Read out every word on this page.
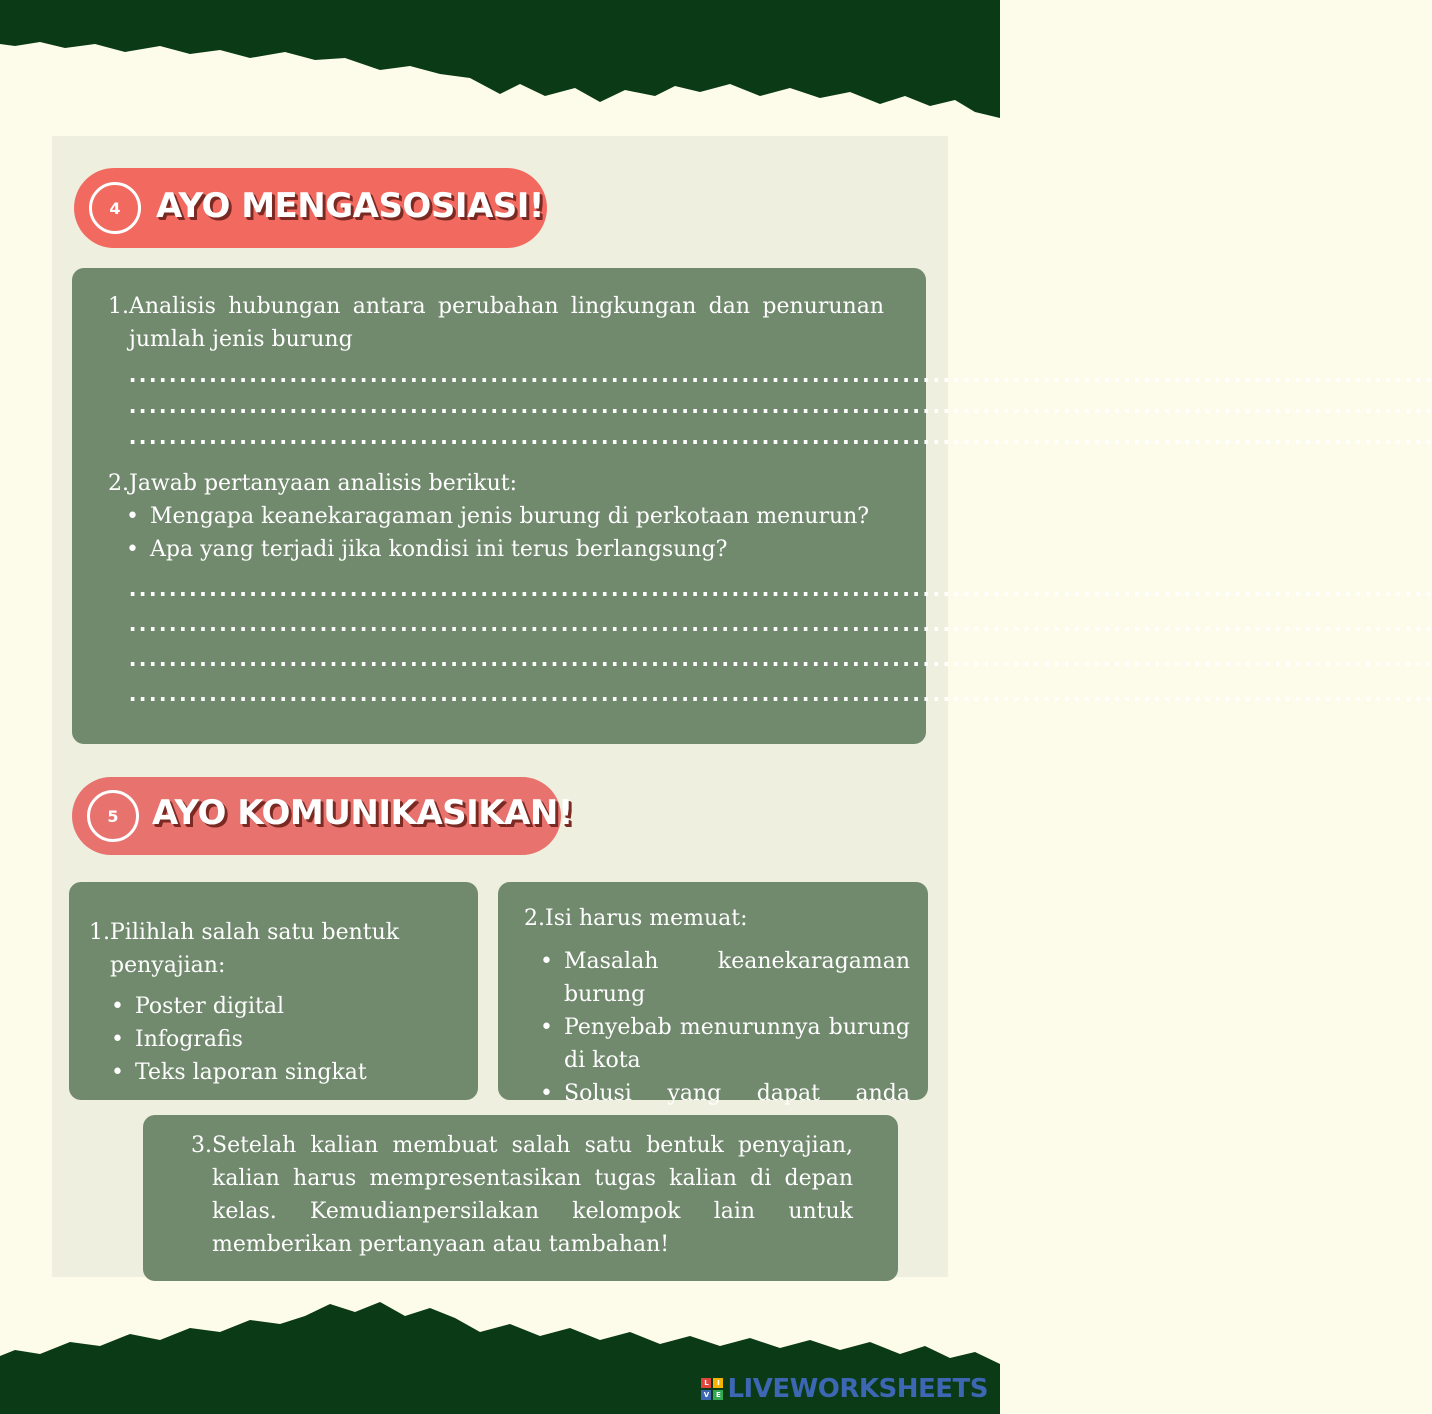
4	AYO MENGASOSIASI!
1. Analisis hubungan antara perubahan lingkungan dan penurunan jumlah jenis burung
..................................................................................................................................
..................................................................................................................................
..................................................................................................................................
2. Jawab pertanyaan analisis berikut:
• Mengapa keanekaragaman jenis burung di perkotaan menurun?
• Apa yang terjadi jika kondisi ini terus berlangsung?
..................................................................................................................................
..................................................................................................................................
..................................................................................................................................
..................................................................................................................................
5 AYO KOMUNIKASIKAN!
1. Pilihlah salah satu bentuk penyajian:
• Poster digital
• Infografis
• Teks laporan singkat
2. Isi harus memuat:
• Masalah keanekaragaman burung
• Penyebab menurunnya burung di kota
• Solusi yang dapat anda
3. Setelah kalian membuat salah satu bentuk penyajian, kalian harus mempresentasikan tugas kalian di depan kelas. Kemudianpersilakan kelompok lain untuk memberikan pertanyaan atau tambahan!
L	I
V E LIVEWORKSHEETS
